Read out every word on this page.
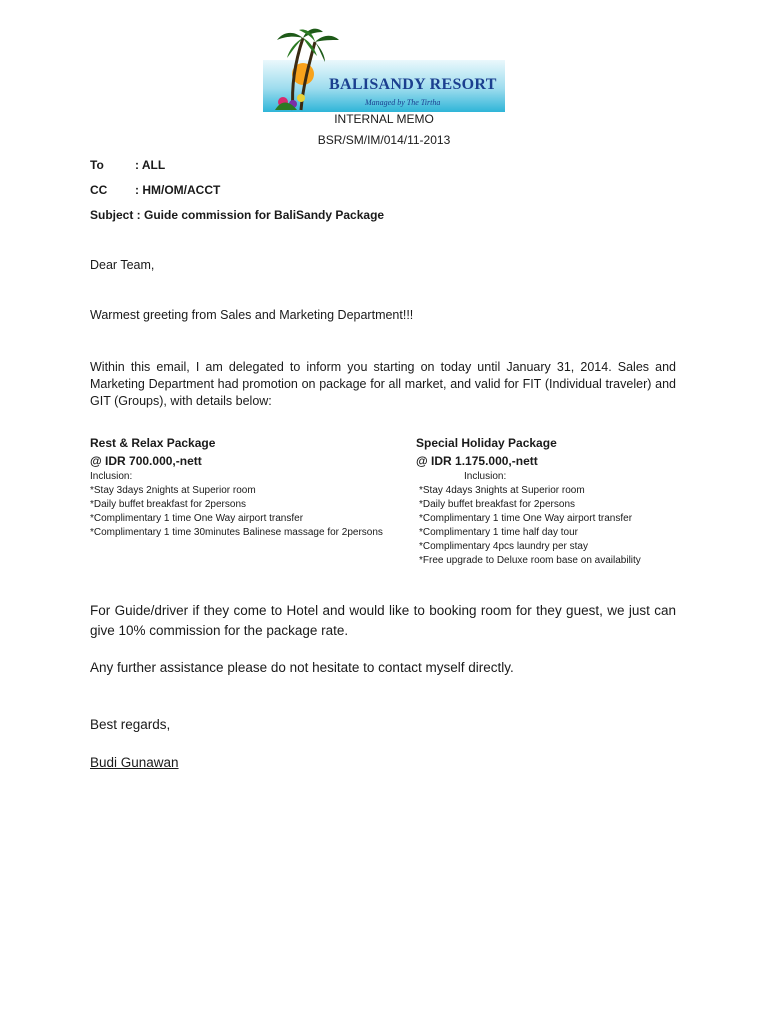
BALISANDY RESORT
Managed by The Tirtha
INTERNAL MEMO
BSR/SM/IM/014/11-2013
To	: ALL
CC : HM/OM/ACCT
Subject : Guide commission for BaliSandy Package
Dear Team,
Warmest greeting from Sales and Marketing Department!!!
Within this email, I am delegated to inform you starting on today until January 31, 2014. Sales and Marketing Department had promotion on package for all market, and valid for FIT (Individual traveler) and GIT (Groups), with details below:
Rest & Relax Package
@ IDR 700.000,-nett
Inclusion:
*Stay 3days 2nights at Superior room
*Daily buffet breakfast for 2persons
*Complimentary 1 time One Way airport transfer
*Complimentary 1 time 30minutes Balinese massage for 2persons
Special Holiday Package
@ IDR 1.175.000,-nett
Inclusion:
*Stay 4days 3nights at Superior room
*Daily buffet breakfast for 2persons
*Complimentary 1 time One Way airport transfer
*Complimentary 1 time half day tour
*Complimentary 4pcs laundry per stay
*Free upgrade to Deluxe room base on availability
For Guide/driver if they come to Hotel and would like to booking room for they guest, we just can give 10% commission for the package rate.
Any further assistance please do not hesitate to contact myself directly.
Best regards,
Budi Gunawan
